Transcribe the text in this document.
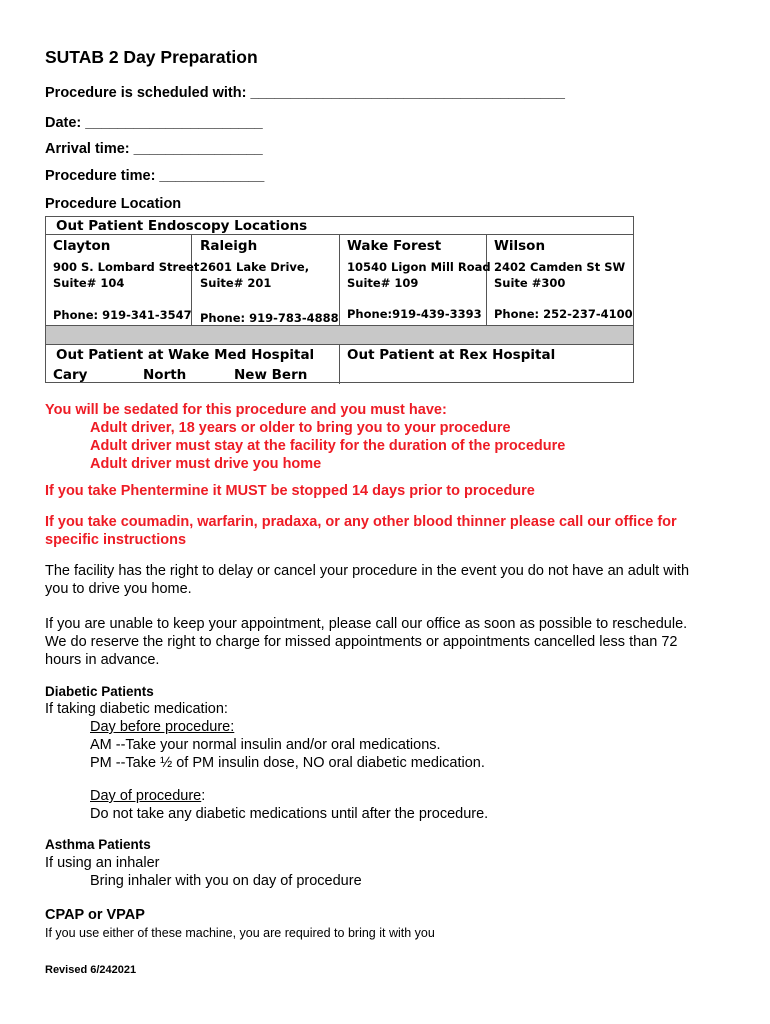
SUTAB 2 Day Preparation
Procedure is scheduled with: _______________________________________
Date: ______________________
Arrival time: ________________
Procedure time: _____________
Procedure Location
Out Patient Endoscopy Locations
Clayton
900 S. Lombard Street.
Suite# 104
Phone: 919-341-3547
Raleigh
2601 Lake Drive,
Suite# 201
Phone: 919-783-4888
Wake Forest
10540 Ligon Mill Road
Suite# 109
Phone:919-439-3393
Wilson
2402 Camden St SW
Suite #300
Phone: 252-237-4100
Out Patient at Wake Med Hospital
Cary	North	New Bern
Out Patient at Rex Hospital
You will be sedated for this procedure and you must have:
Adult driver, 18 years or older to bring you to your procedure
Adult driver must stay at the facility for the duration of the procedure
Adult driver must drive you home
If you take Phentermine it MUST be stopped 14 days prior to procedure
If you take coumadin, warfarin, pradaxa, or any other blood thinner please call our office for
specific instructions
The facility has the right to delay or cancel your procedure in the event you do not have an adult with
you to drive you home.
If you are unable to keep your appointment, please call our office as soon as possible to reschedule.
We do reserve the right to charge for missed appointments or appointments cancelled less than 72
hours in advance.
Diabetic Patients
If taking diabetic medication:
Day before procedure:
AM --Take your normal insulin and/or oral medications.
PM --Take ½ of PM insulin dose, NO oral diabetic medication.
Day of procedure:
Do not take any diabetic medications until after the procedure.
Asthma Patients
If using an inhaler
Bring inhaler with you on day of procedure
CPAP or VPAP
If you use either of these machine, you are required to bring it with you
Revised 6/242021
